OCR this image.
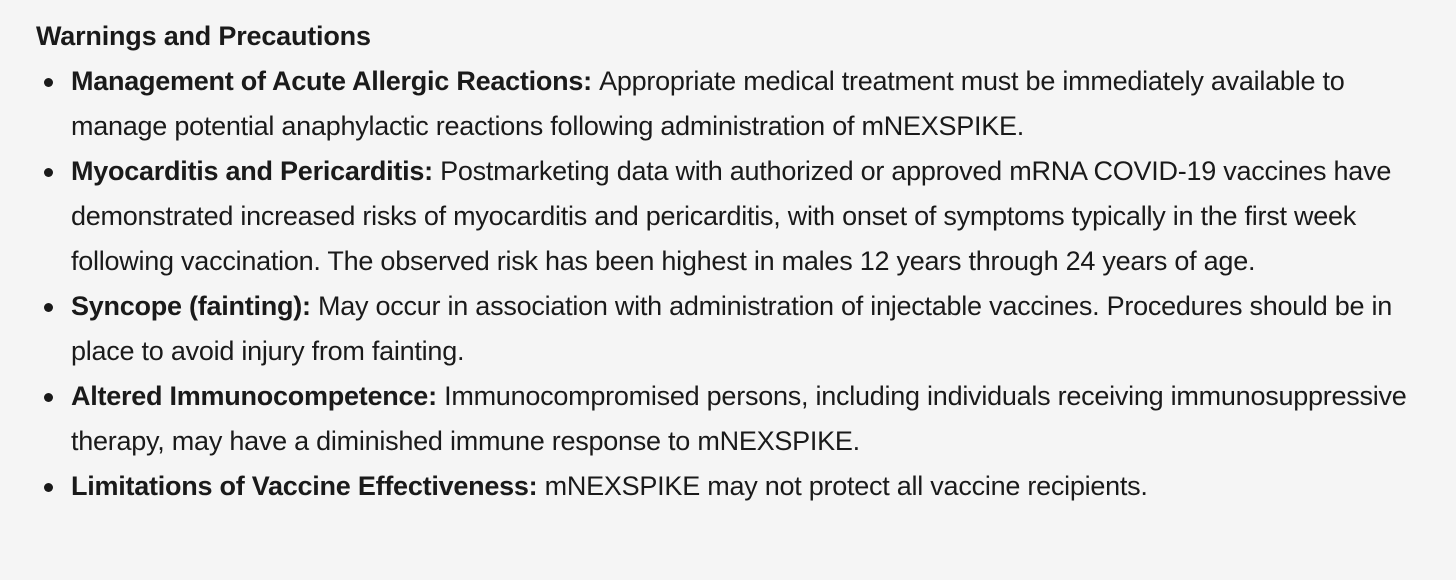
Warnings and Precautions
Management of Acute Allergic Reactions: Appropriate medical treatment must be immediately available to manage potential anaphylactic reactions following administration of mNEXSPIKE.
Myocarditis and Pericarditis: Postmarketing data with authorized or approved mRNA COVID-19 vaccines have demonstrated increased risks of myocarditis and pericarditis, with onset of symptoms typically in the first week following vaccination. The observed risk has been highest in males 12 years through 24 years of age.
Syncope (fainting): May occur in association with administration of injectable vaccines. Procedures should be in place to avoid injury from fainting.
Altered Immunocompetence: Immunocompromised persons, including individuals receiving immunosuppressive therapy, may have a diminished immune response to mNEXSPIKE.
Limitations of Vaccine Effectiveness: mNEXSPIKE may not protect all vaccine recipients.
